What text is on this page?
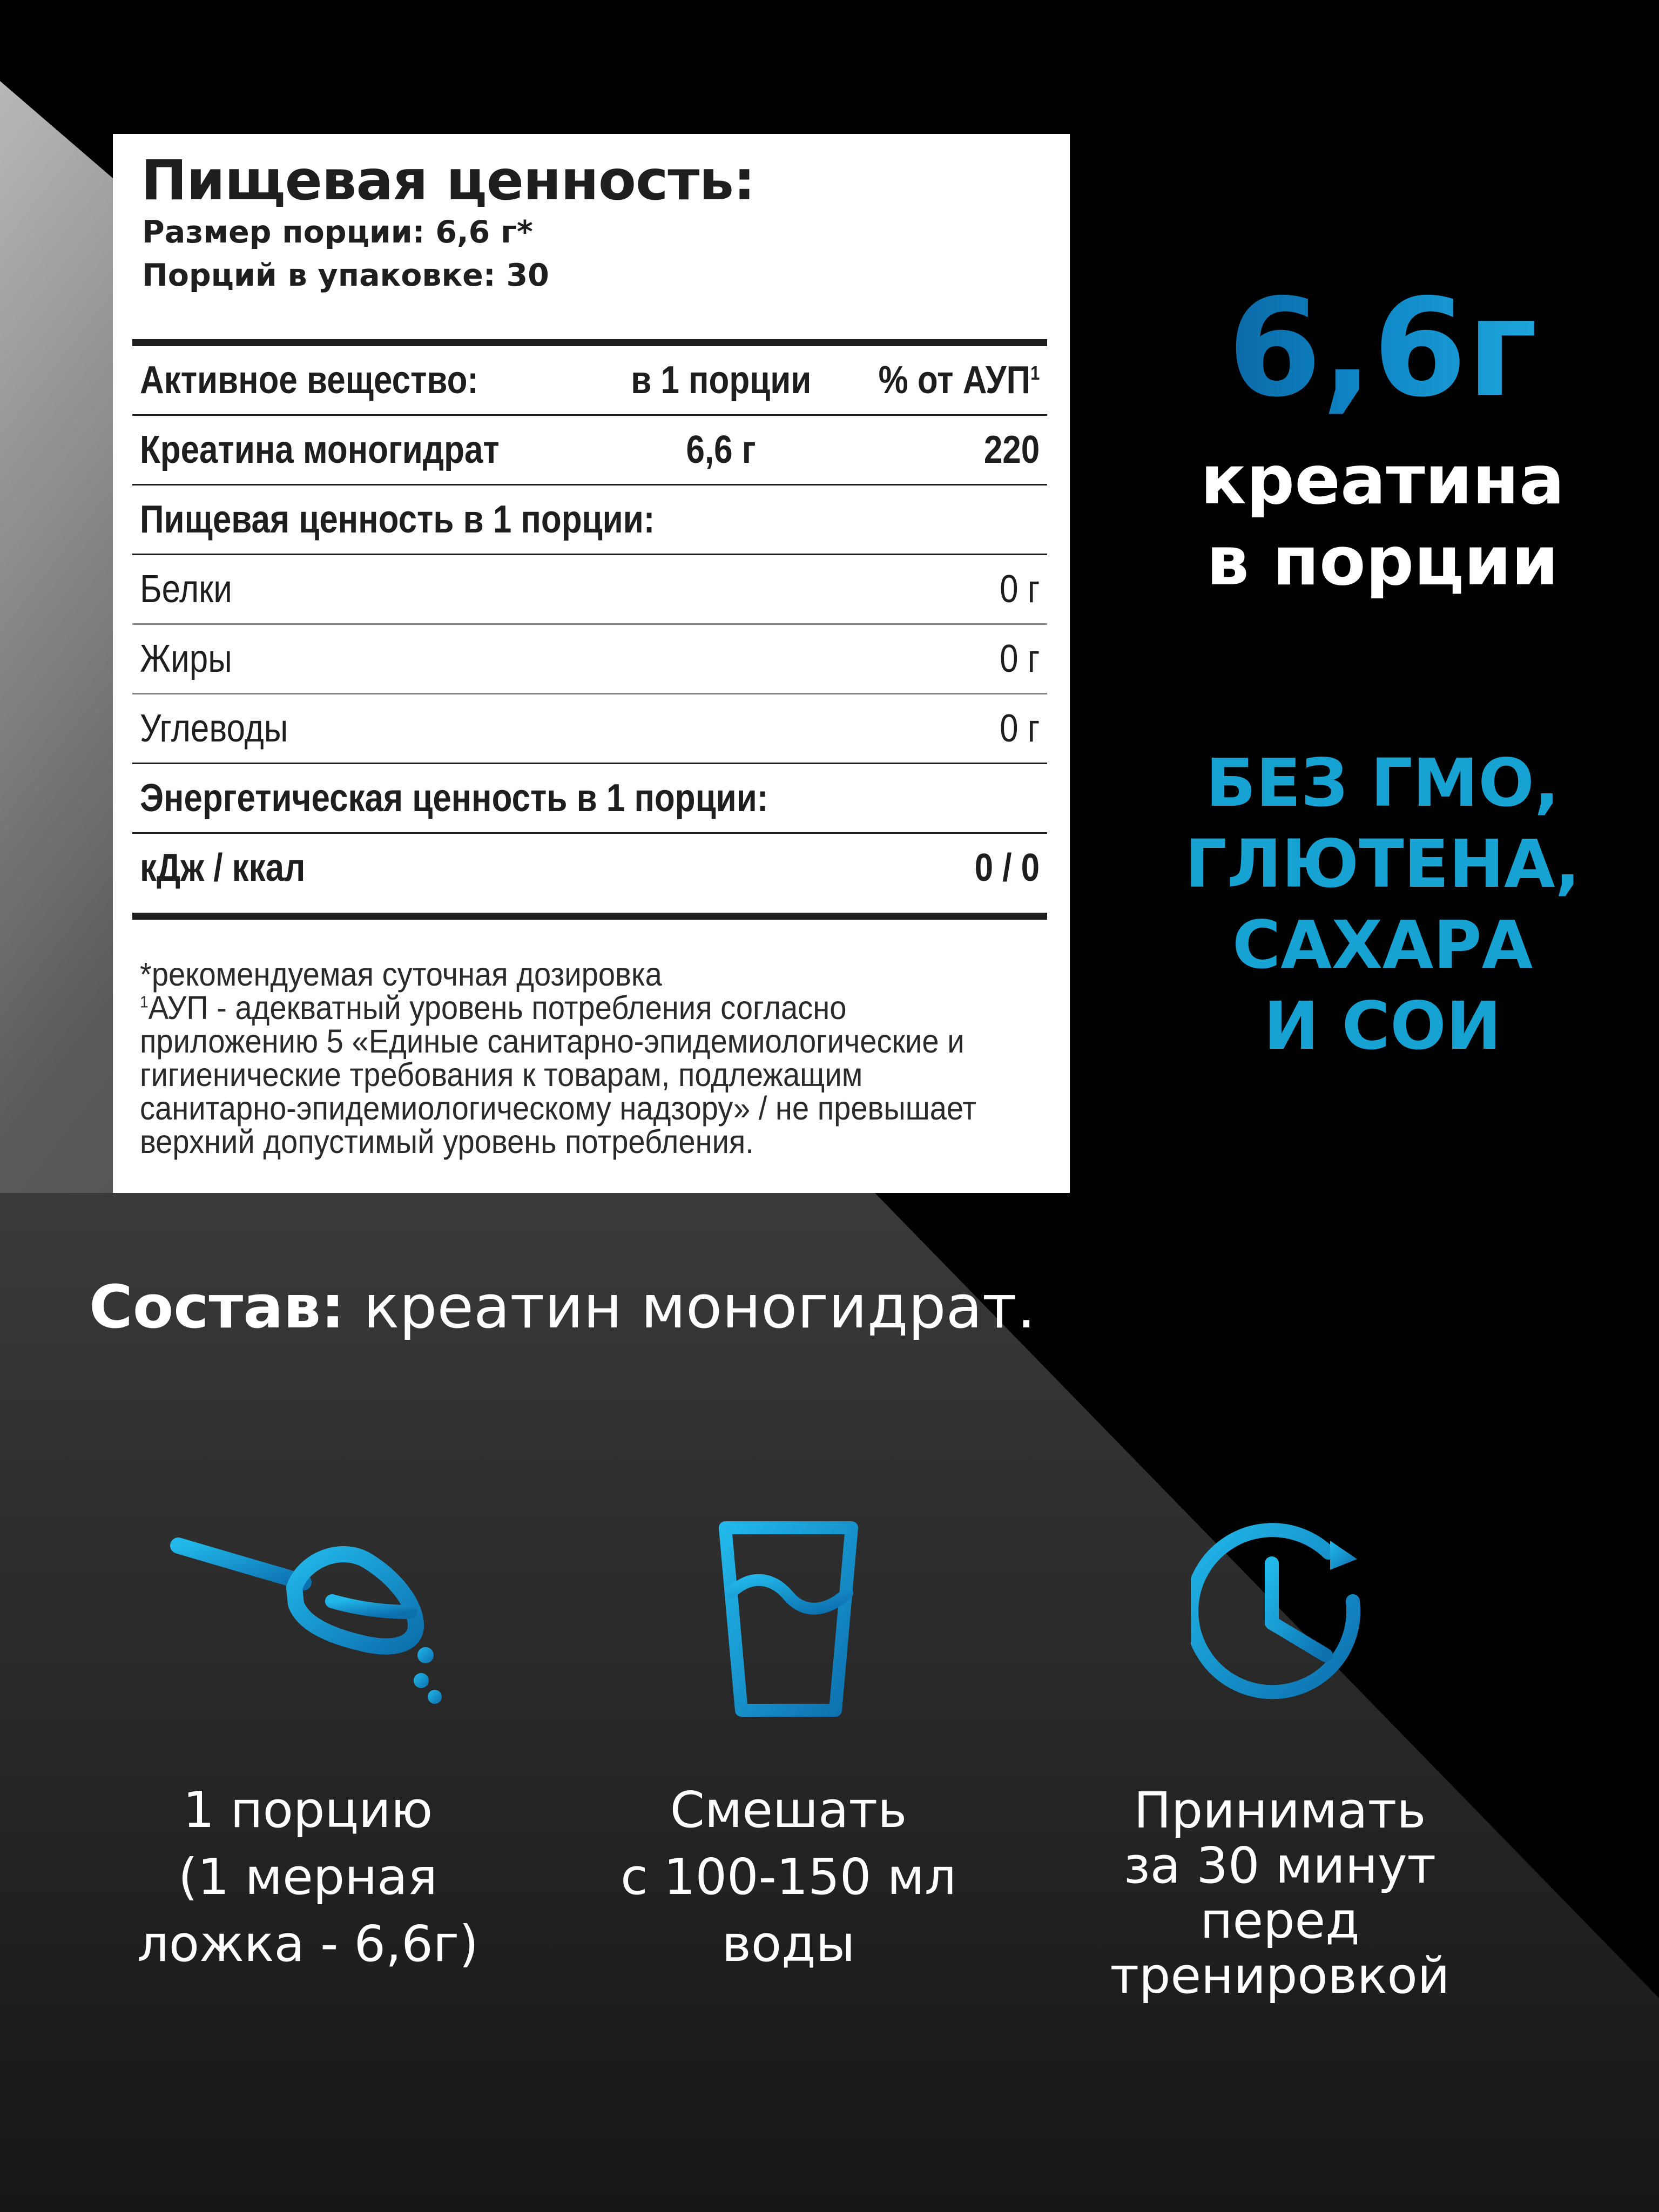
Пищевая ценность:
Размер порции: 6,6 г*
Порций в упаковке: 30
Активное вещество:	в 1 порции	% от АУП$^1$
Креатина моногидрат	6,6 г	220
Пищевая ценность в 1 порции:
Белки	0 г
Жиры	0 г
Углеводы	0 г
Энергетическая ценность в 1 порции:
кДж / ккал	0 / 0
*рекомендуемая суточная дозировка
$^1$АУП - адекватный уровень потребления согласно
приложению 5 «Единые санитарно-эпидемиологические и
гигиенические требования к товарам, подлежащим
санитарно-эпидемиологическому надзору» / не превышает
верхний допустимый уровень потребления.
6,6г
креатина
в порции
БЕЗ ГМО,
ГЛЮТЕНА,
САХАРА
И СОИ
Состав: креатин моногидрат.
1 порцию
(1 мерная
ложка - 6,6г)
Смешать
с 100-150 мл
воды
Принимать
за 30 минут
перед
тренировкой
